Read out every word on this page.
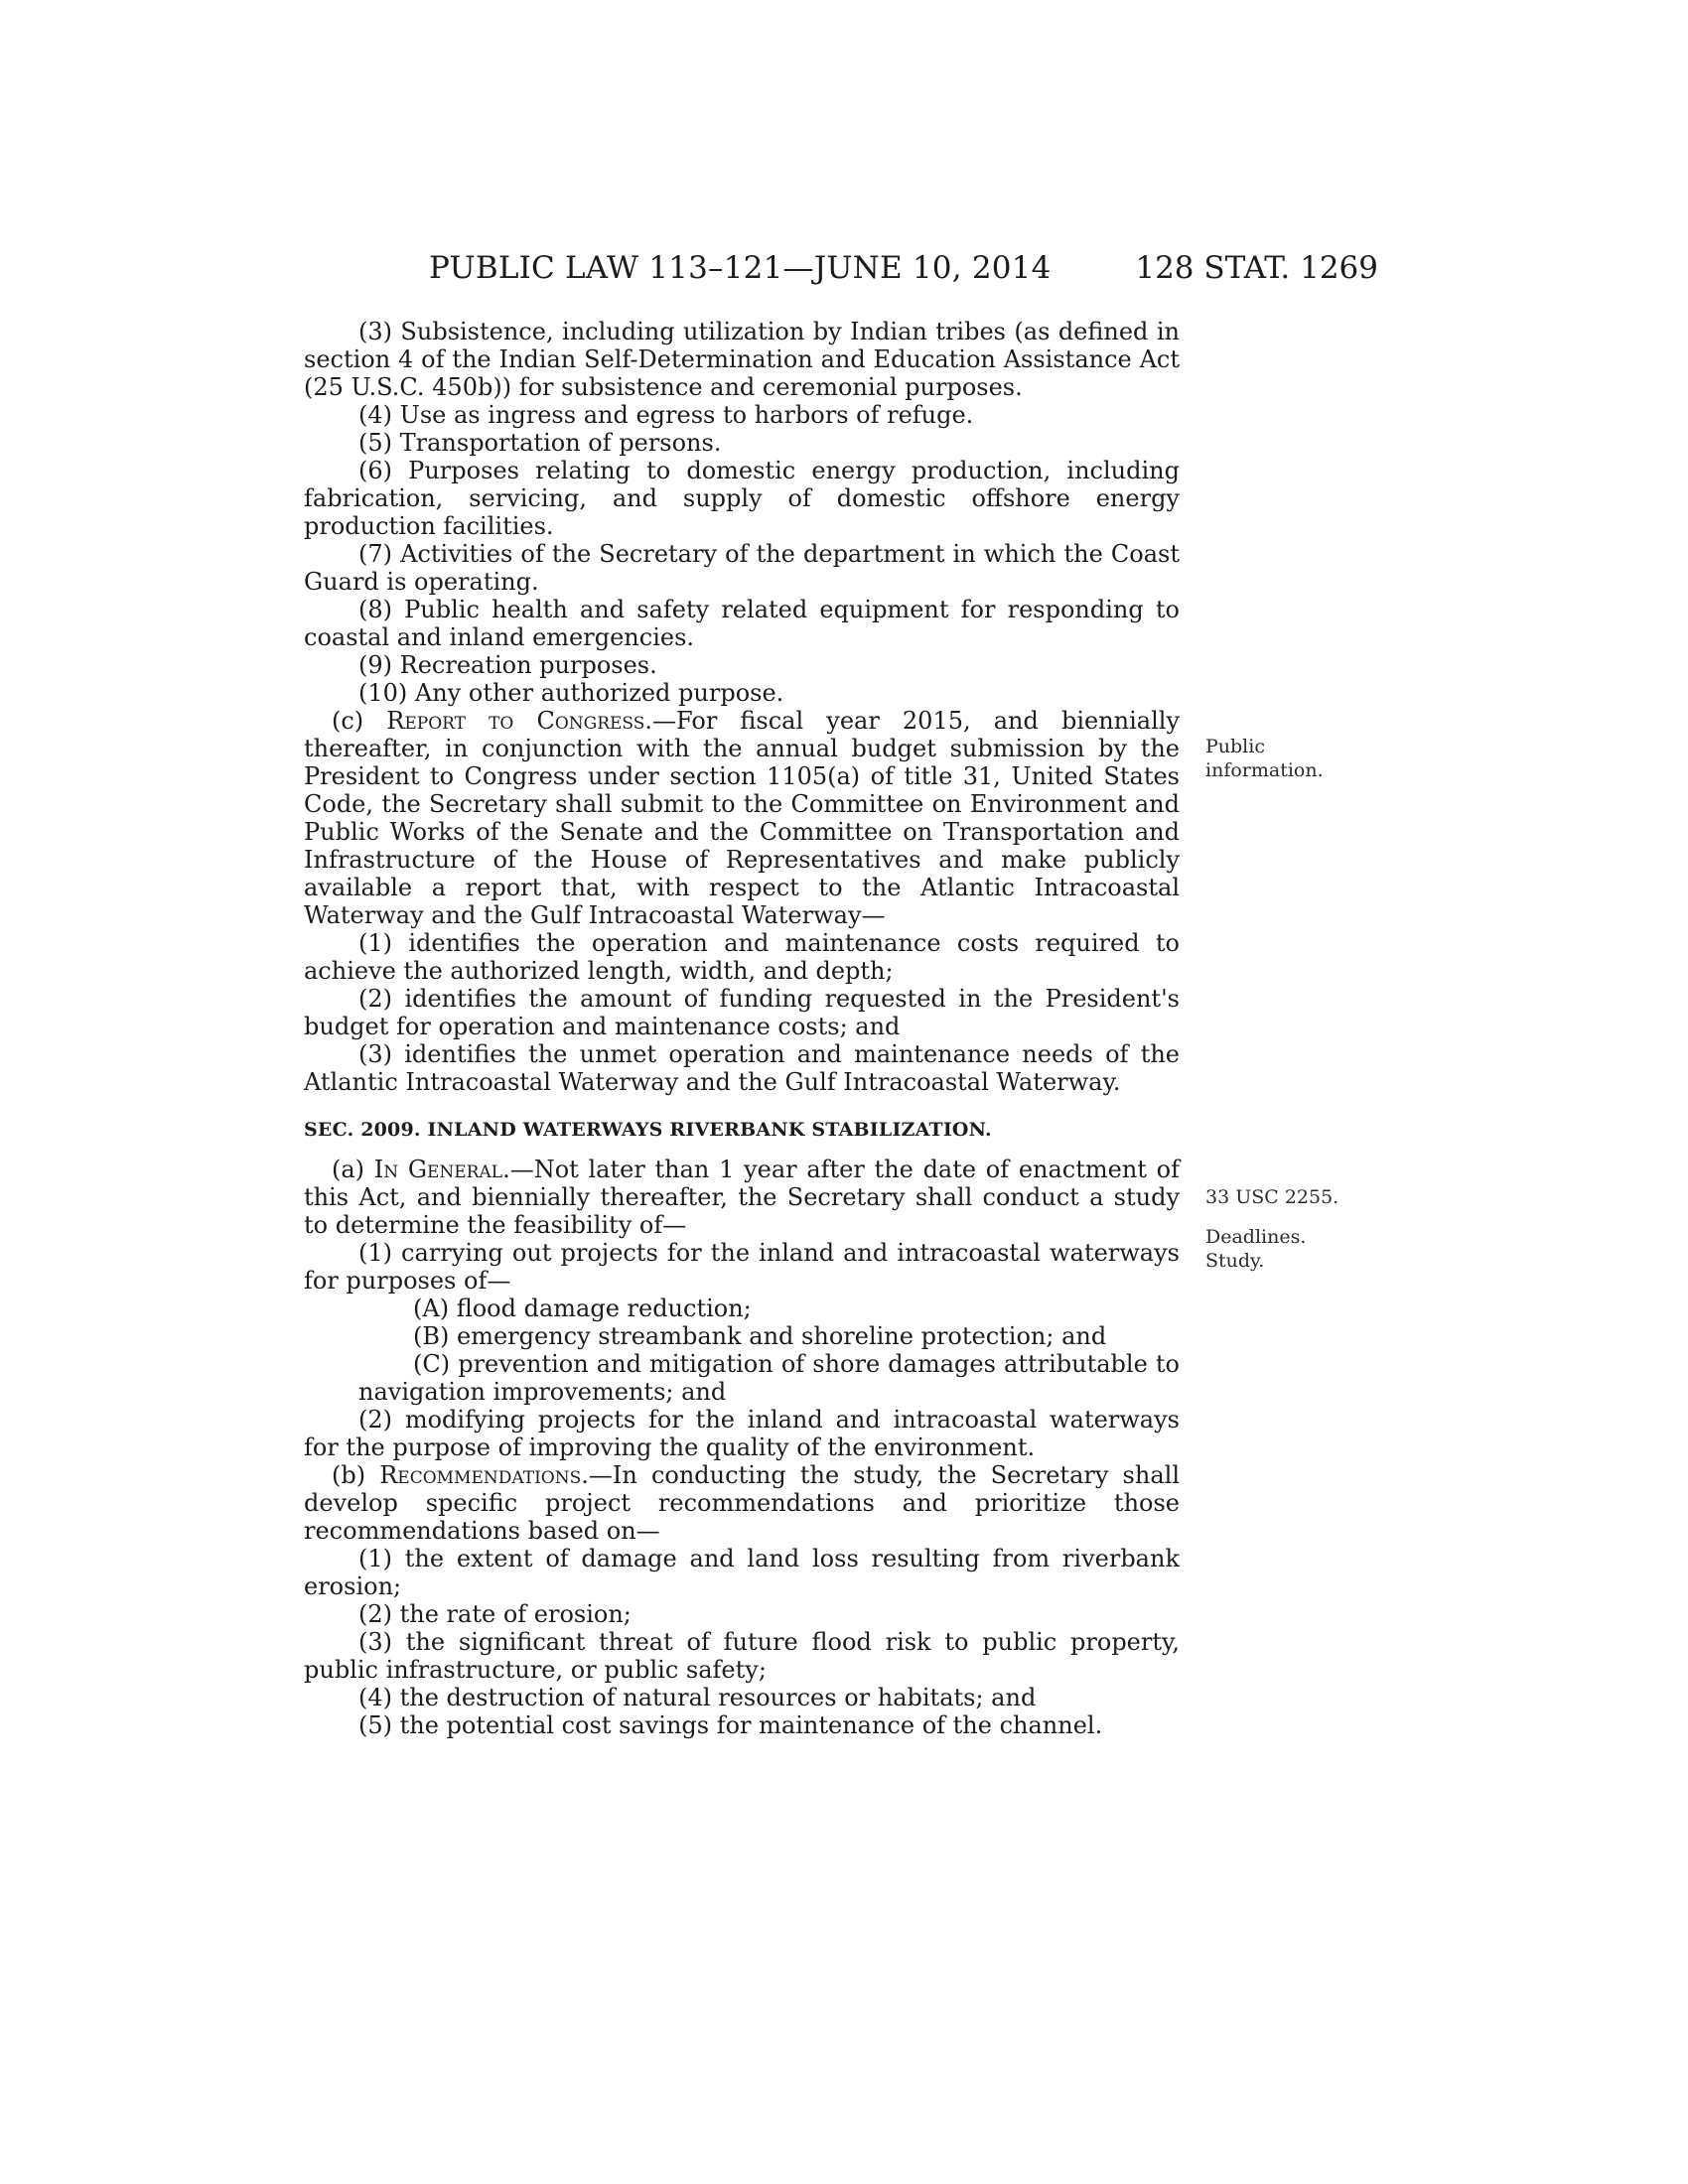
PUBLIC LAW 113–121—JUNE 10, 2014	128 STAT. 1269

(3) Subsistence, including utilization by Indian tribes (as defined in section 4 of the Indian Self-Determination and Education Assistance Act (25 U.S.C. 450b)) for subsistence and ceremonial purposes.

(4) Use as ingress and egress to harbors of refuge.

(5) Transportation of persons.

(6) Purposes relating to domestic energy production, including fabrication, servicing, and supply of domestic offshore energy production facilities.

(7) Activities of the Secretary of the department in which the Coast Guard is operating.

(8) Public health and safety related equipment for responding to coastal and inland emergencies.

(9) Recreation purposes.

(10) Any other authorized purpose.

(c) Report to Congress.—For fiscal year 2015, and biennially thereafter, in conjunction with the annual budget submission by the President to Congress under section 1105(a) of title 31, United States Code, the Secretary shall submit to the Committee on Environment and Public Works of the Senate and the Committee on Transportation and Infrastructure of the House of Representatives and make publicly available a report that, with respect to the Atlantic Intracoastal Waterway and the Gulf Intracoastal Waterway—

(1) identifies the operation and maintenance costs required to achieve the authorized length, width, and depth;

(2) identifies the amount of funding requested in the President's budget for operation and maintenance costs; and

(3) identifies the unmet operation and maintenance needs of the Atlantic Intracoastal Waterway and the Gulf Intracoastal Waterway.

SEC. 2009. INLAND WATERWAYS RIVERBANK STABILIZATION.

(a) In General.—Not later than 1 year after the date of enactment of this Act, and biennially thereafter, the Secretary shall conduct a study to determine the feasibility of—

(1) carrying out projects for the inland and intracoastal waterways for purposes of—

(A) flood damage reduction;

(B) emergency streambank and shoreline protection; and

(C) prevention and mitigation of shore damages attributable to navigation improvements; and

(2) modifying projects for the inland and intracoastal waterways for the purpose of improving the quality of the environment.

(b) Recommendations.—In conducting the study, the Secretary shall develop specific project recommendations and prioritize those recommendations based on—

(1) the extent of damage and land loss resulting from riverbank erosion;

(2) the rate of erosion;

(3) the significant threat of future flood risk to public property, public infrastructure, or public safety;

(4) the destruction of natural resources or habitats; and

(5) the potential cost savings for maintenance of the channel.

Public
information.
33 USC 2255.
Deadlines.
Study.
